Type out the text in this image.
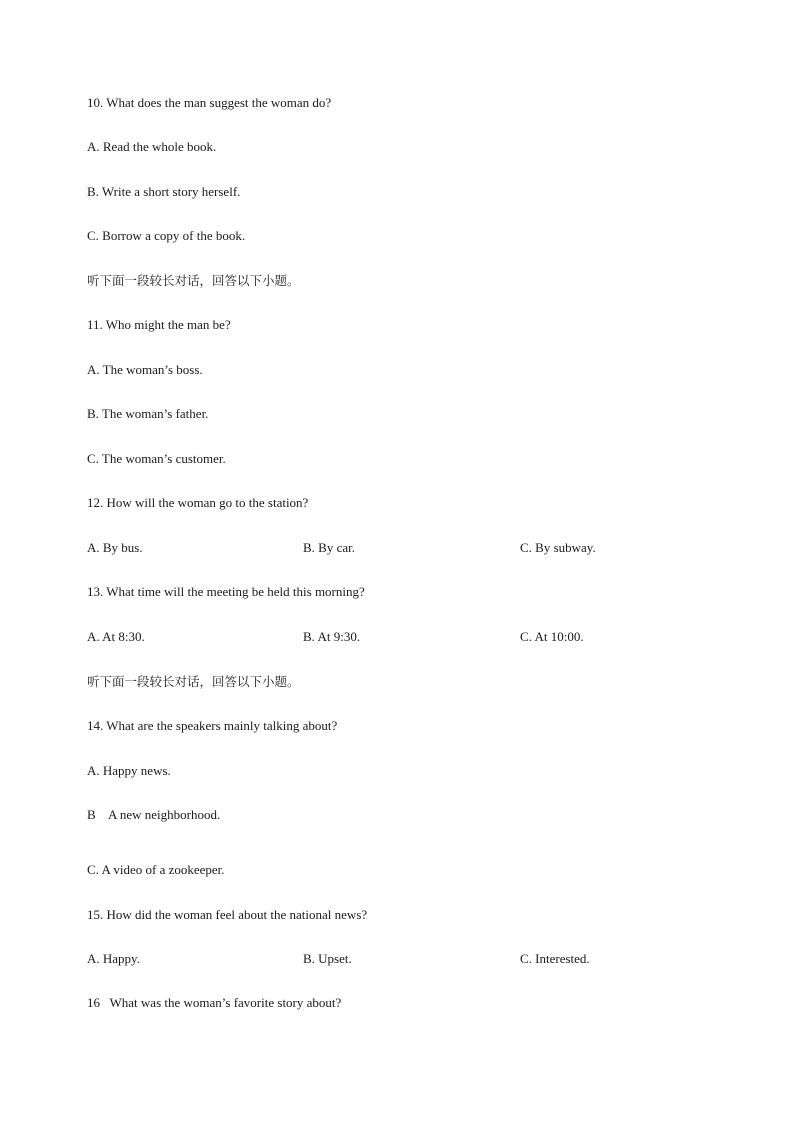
10. What does the man suggest the woman do?
A. Read the whole book.
B. Write a short story herself.
C. Borrow a copy of the book.
听下面一段较长对话，回答以下小题。
11. Who might the man be?
A. The woman’s boss.
B. The woman’s father.
C. The woman’s customer.
12. How will the woman go to the station?
A. By bus.	B. By car.	C. By subway.
13. What time will the meeting be held this morning?
A. At 8:30.	B. At 9:30.	C. At 10:00.
听下面一段较长对话，回答以下小题。
14. What are the speakers mainly talking about?
A. Happy news.
B    A new neighborhood.
C. A video of a zookeeper.
15. How did the woman feel about the national news?
A. Happy.	B. Upset.	C. Interested.
16   What was the woman’s favorite story about?
